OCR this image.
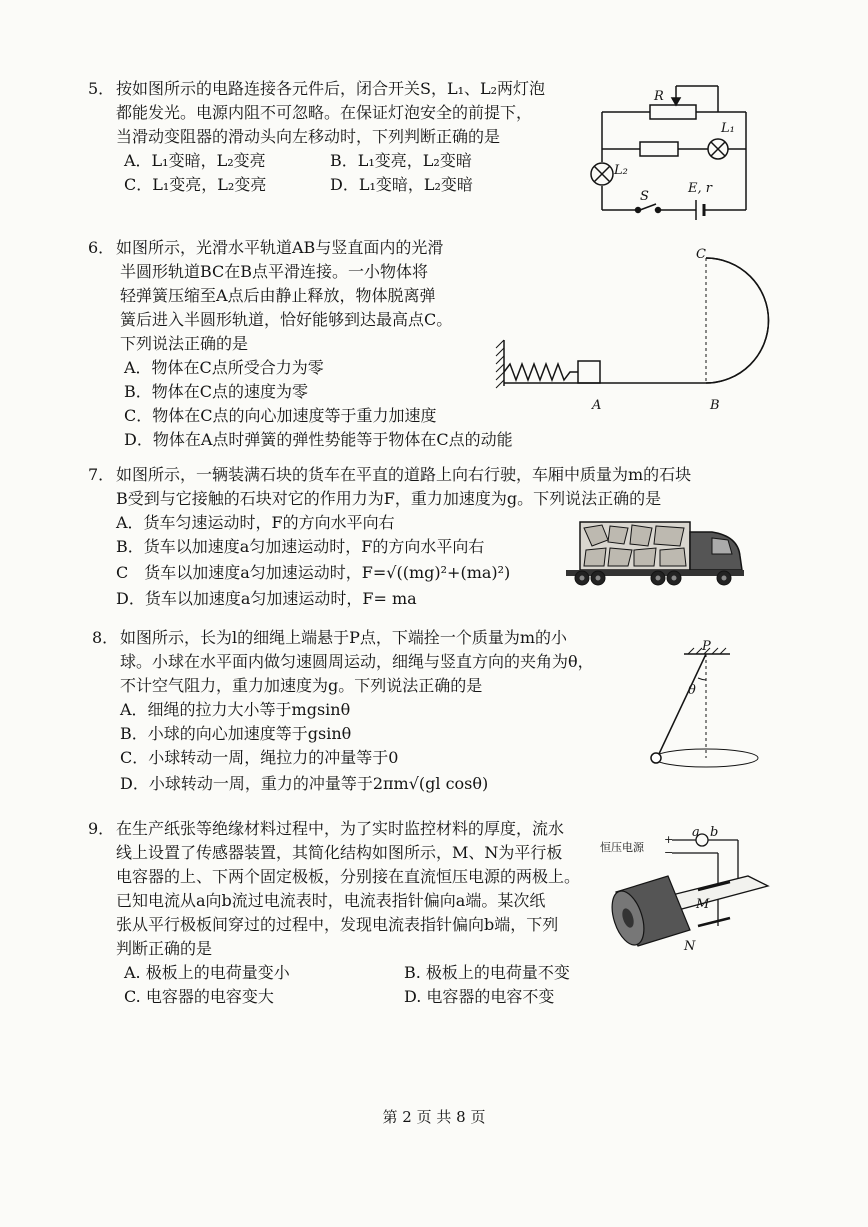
5． 按如图所示的电路连接各元件后，闭合开关S，L₁、L₂两灯泡
都能发光。电源内阻不可忽略。在保证灯泡安全的前提下，
当滑动变阻器的滑动头向左移动时，下列判断正确的是
A．L₁变暗，L₂变亮	B．L₁变亮，L₂变暗
C．L₁变亮，L₂变亮	D．L₁变暗，L₂变暗
R
L₁
L₂
S
E, r
6． 如图所示，光滑水平轨道AB与竖直面内的光滑
半圆形轨道BC在B点平滑连接。一小物体将
轻弹簧压缩至A点后由静止释放，物体脱离弹
簧后进入半圆形轨道，恰好能够到达最高点C。
下列说法正确的是
A．物体在C点所受合力为零
B．物体在C点的速度为零
C．物体在C点的向心加速度等于重力加速度
D．物体在A点时弹簧的弹性势能等于物体在C点的动能
C
A	B
7． 如图所示，一辆装满石块的货车在平直的道路上向右行驶，车厢中质量为m的石块
B受到与它接触的石块对它的作用力为F，重力加速度为g。下列说法正确的是
A．货车匀速运动时，F的方向水平向右
B．货车以加速度a匀加速运动时，F的方向水平向右
C　货车以加速度a匀加速运动时，F=√((mg)²+(ma)²)
D．货车以加速度a匀加速运动时，F= ma
8． 如图所示，长为l的细绳上端悬于P点，下端拴一个质量为m的小
球。小球在水平面内做匀速圆周运动，细绳与竖直方向的夹角为θ，
不计空气阻力，重力加速度为g。下列说法正确的是
A．细绳的拉力大小等于mgsinθ
B．小球的向心加速度等于gsinθ
C．小球转动一周，绳拉力的冲量等于0
D．小球转动一周，重力的冲量等于2πm√(gl cosθ)
P
θ
9． 在生产纸张等绝缘材料过程中，为了实时监控材料的厚度，流水
线上设置了传感器装置，其简化结构如图所示，M、N为平行板
电容器的上、下两个固定极板，分别接在直流恒压电源的两极上。
已知电流从a向b流过电流表时，电流表指针偏向a端。某次纸
张从平行极板间穿过的过程中，发现电流表指针偏向b端，下列
判断正确的是
A. 极板上的电荷量变小	B. 极板上的电荷量不变
C. 电容器的电容变大	D. 电容器的电容不变
恒压电源
+
−
a b
M
N
第 2 页 共 8 页
